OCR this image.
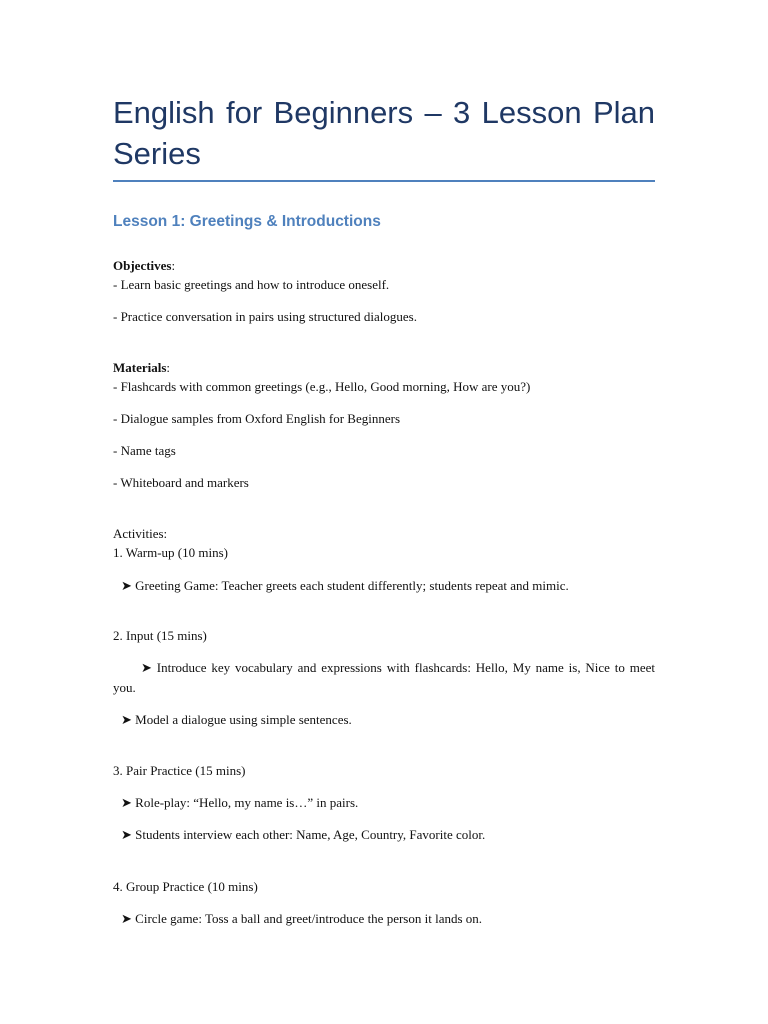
English for Beginners – 3 Lesson Plan Series
Lesson 1: Greetings & Introductions
Objectives:
- Learn basic greetings and how to introduce oneself.
- Practice conversation in pairs using structured dialogues.
Materials:
- Flashcards with common greetings (e.g., Hello, Good morning, How are you?)
- Dialogue samples from Oxford English for Beginners
- Name tags
- Whiteboard and markers
Activities:
1. Warm-up (10 mins)
➤ Greeting Game: Teacher greets each student differently; students repeat and mimic.
2. Input (15 mins)
➤ Introduce key vocabulary and expressions with flashcards: Hello, My name is, Nice to meet you.
➤ Model a dialogue using simple sentences.
3. Pair Practice (15 mins)
➤ Role-play: “Hello, my name is…” in pairs.
➤ Students interview each other: Name, Age, Country, Favorite color.
4. Group Practice (10 mins)
➤ Circle game: Toss a ball and greet/introduce the person it lands on.
